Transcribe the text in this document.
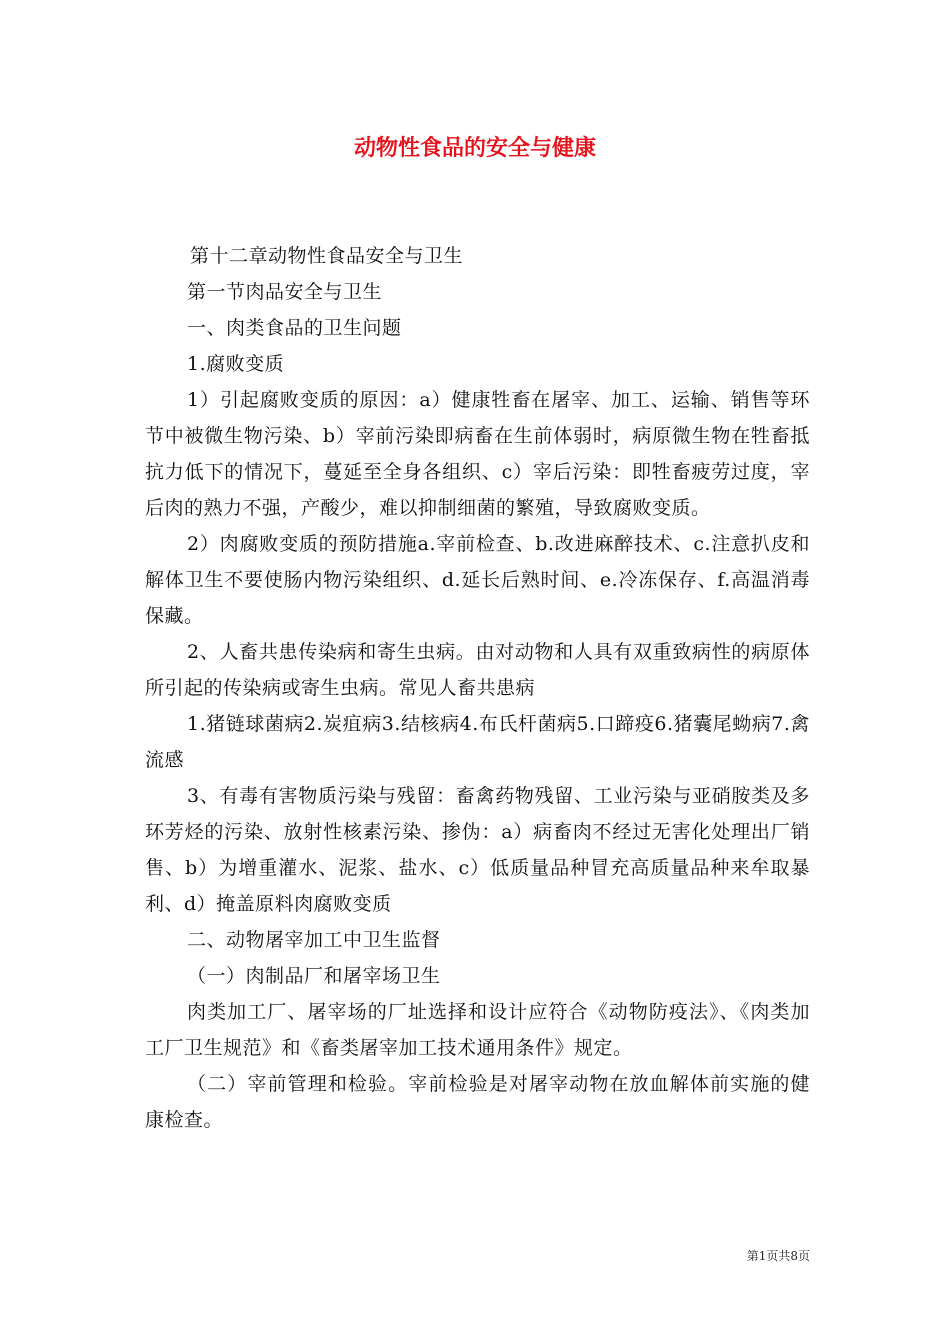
动物性食品的安全与健康

第十二章动物性食品安全与卫生

第一节肉品安全与卫生

一、肉类食品的卫生问题

1.腐败变质

1）引起腐败变质的原因：a）健康牲畜在屠宰、加工、运输、销售等环节中被微生物污染、b）宰前污染即病畜在生前体弱时，病原微生物在牲畜抵抗力低下的情况下，蔓延至全身各组织、c）宰后污染：即牲畜疲劳过度，宰后肉的熟力不强，产酸少，难以抑制细菌的繁殖，导致腐败变质。

2）肉腐败变质的预防措施a.宰前检查、b.改进麻醉技术、c.注意扒皮和解体卫生不要使肠内物污染组织、d.延长后熟时间、e.冷冻保存、f.高温消毒保藏。

2、人畜共患传染病和寄生虫病。由对动物和人具有双重致病性的病原体所引起的传染病或寄生虫病。常见人畜共患病

1.猪链球菌病2.炭疽病3.结核病4.布氏杆菌病5.口蹄疫6.猪囊尾蚴病7.禽流感

3、有毒有害物质污染与残留：畜禽药物残留、工业污染与亚硝胺类及多环芳烃的污染、放射性核素污染、掺伪：a）病畜肉不经过无害化处理出厂销售、b）为增重灌水、泥浆、盐水、c）低质量品种冒充高质量品种来牟取暴利、d）掩盖原料肉腐败变质

二、动物屠宰加工中卫生监督

（一）肉制品厂和屠宰场卫生

肉类加工厂、屠宰场的厂址选择和设计应符合《动物防疫法》、《肉类加工厂卫生规范》和《畜类屠宰加工技术通用条件》规定。

（二）宰前管理和检验。宰前检验是对屠宰动物在放血解体前实施的健康检查。

第1页共8页
